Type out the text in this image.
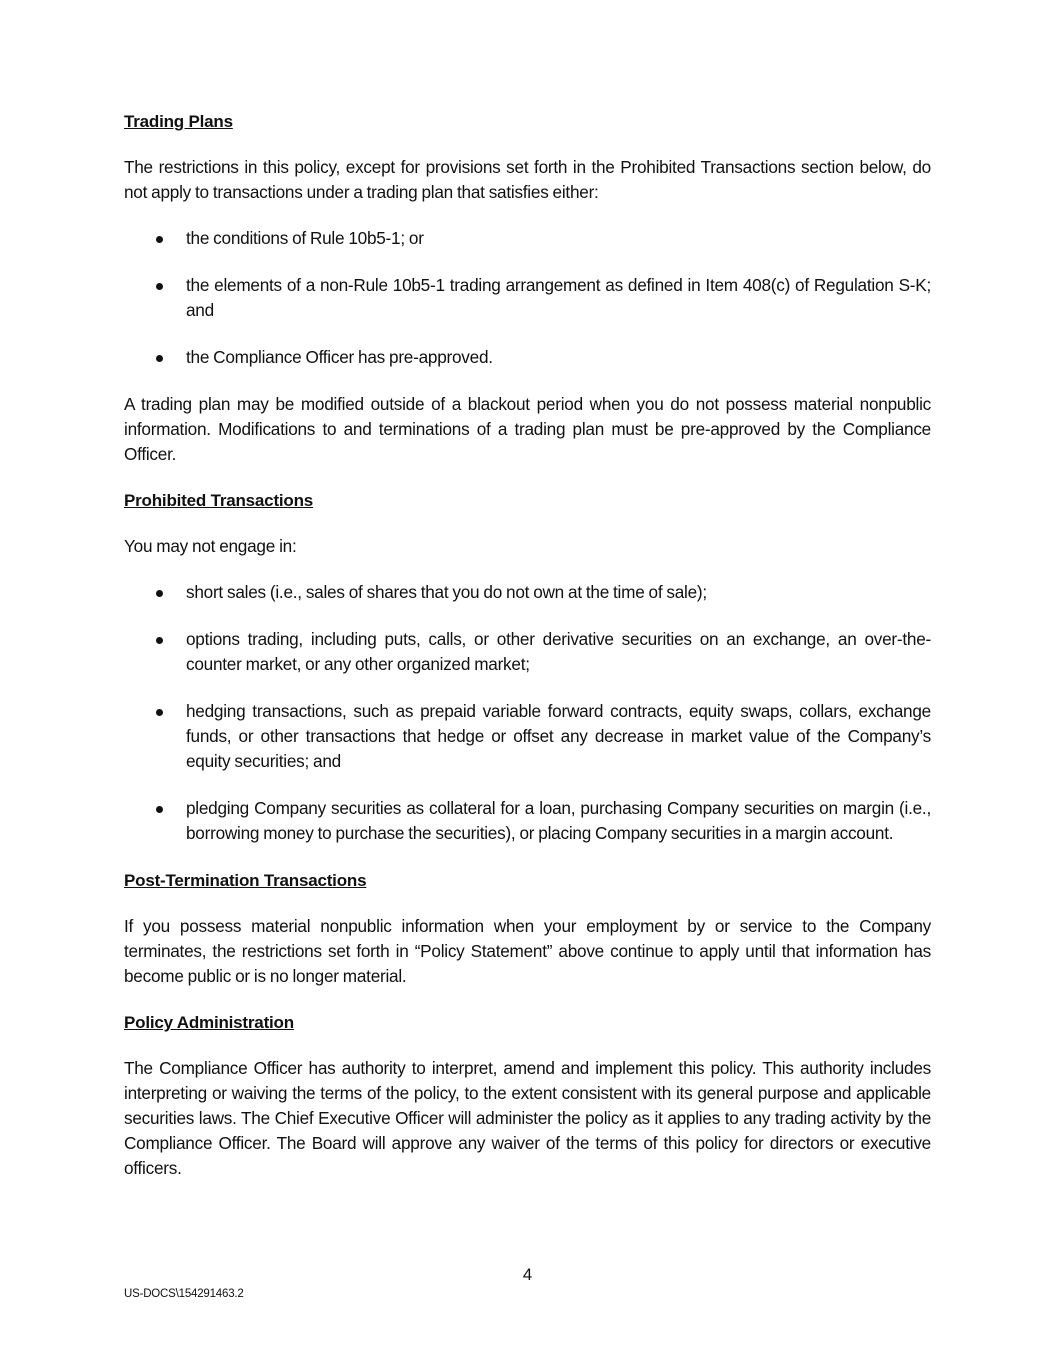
Trading Plans

The restrictions in this policy, except for provisions set forth in the Prohibited Transactions section below, do not apply to transactions under a trading plan that satisfies either:

the conditions of Rule 10b5-1; or
the elements of a non-Rule 10b5-1 trading arrangement as defined in Item 408(c) of Regulation S-K; and
the Compliance Officer has pre-approved.

A trading plan may be modified outside of a blackout period when you do not possess material nonpublic information. Modifications to and terminations of a trading plan must be pre-approved by the Compliance Officer.

Prohibited Transactions

You may not engage in:

short sales (i.e., sales of shares that you do not own at the time of sale);
options trading, including puts, calls, or other derivative securities on an exchange, an over-the-counter market, or any other organized market;
hedging transactions, such as prepaid variable forward contracts, equity swaps, collars, exchange funds, or other transactions that hedge or offset any decrease in market value of the Company’s equity securities; and
pledging Company securities as collateral for a loan, purchasing Company securities on margin (i.e., borrowing money to purchase the securities), or placing Company securities in a margin account.
Post-Termination Transactions

If you possess material nonpublic information when your employment by or service to the Company terminates, the restrictions set forth in “Policy Statement” above continue to apply until that information has become public or is no longer material.

Policy Administration

The Compliance Officer has authority to interpret, amend and implement this policy. This authority includes interpreting or waiving the terms of the policy, to the extent consistent with its general purpose and applicable securities laws. The Chief Executive Officer will administer the policy as it applies to any trading activity by the Compliance Officer. The Board will approve any waiver of the terms of this policy for directors or executive officers.

4
US-DOCS\154291463.2
